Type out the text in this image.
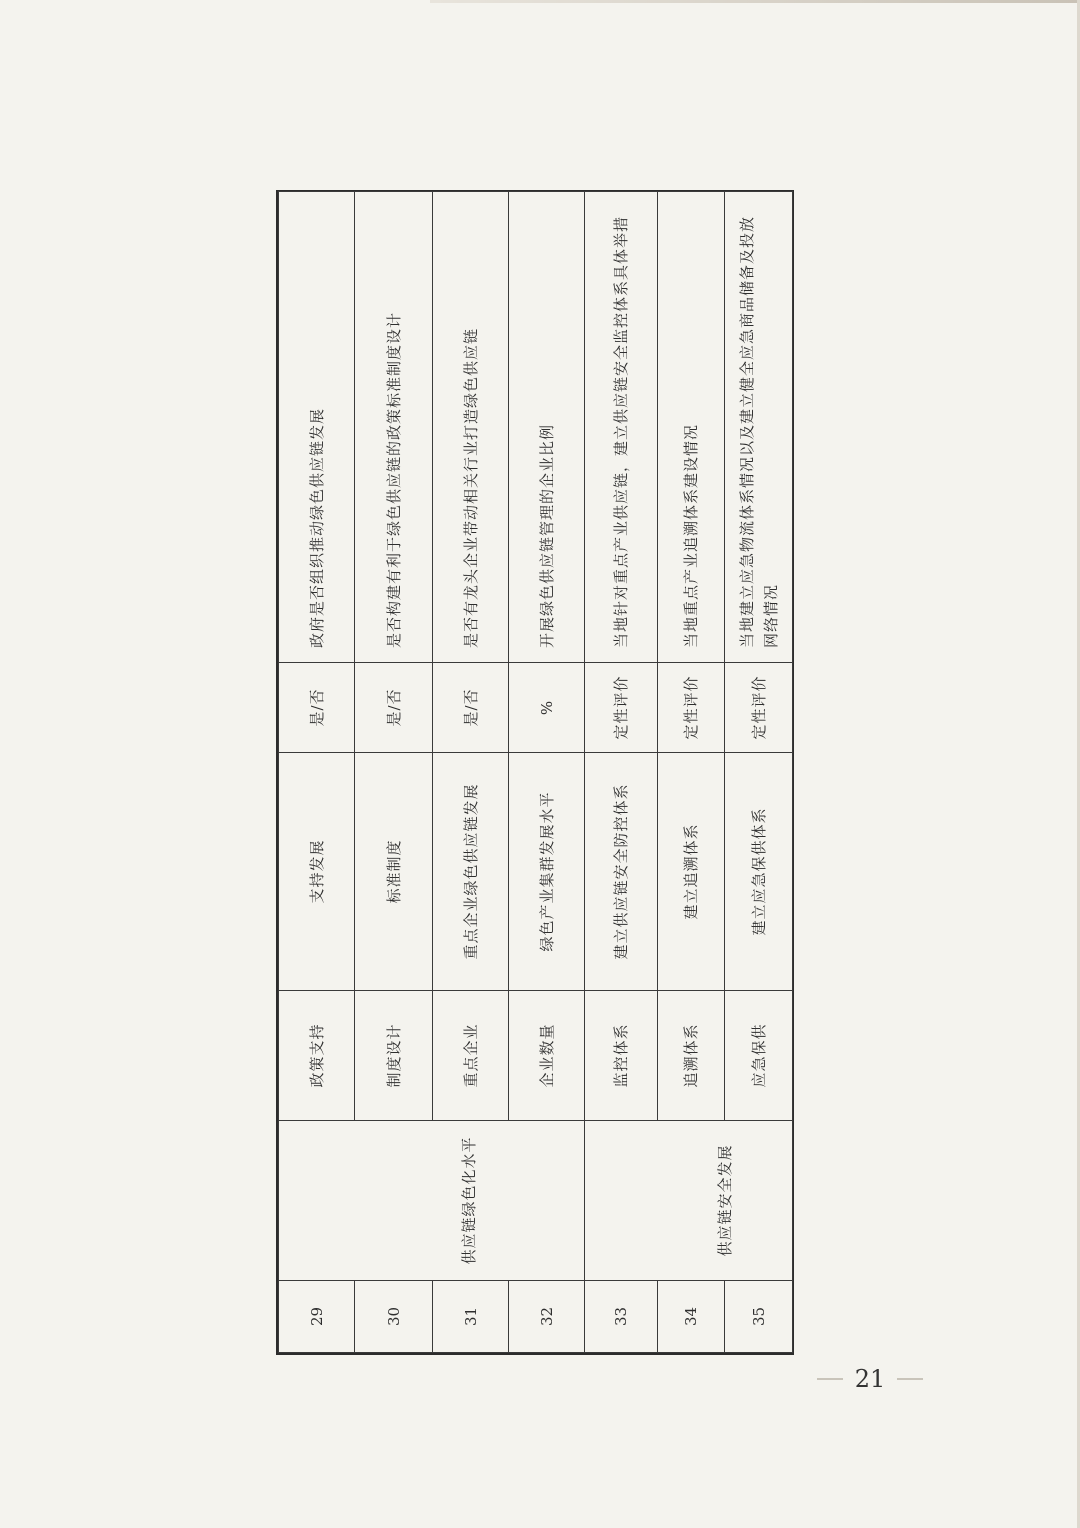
29		政策支持	支持发展	是/否	政府是否组织推动绿色供应链发展
30	供应链绿色化水平	制度设计	标准制度	是/否	是否构建有利于绿色供应链的政策标准制度设计
31		重点企业	重点企业绿色供应链发展	是/否	是否有龙头企业带动相关行业打造绿色供应链
32		企业数量	绿色产业集群发展水平	%	开展绿色供应链管理的企业比例
33		监控体系	建立供应链安全防控体系	定性评价	当地针对重点产业供应链，建立供应链安全监控体系具体举措
34	供应链安全发展	追溯体系	建立追溯体系	定性评价	当地重点产业追溯体系建设情况
35		应急保供	建立应急保供体系	定性评价	当地建立应急物流体系情况以及建立健全应急商品储备及投放网络情况
21
